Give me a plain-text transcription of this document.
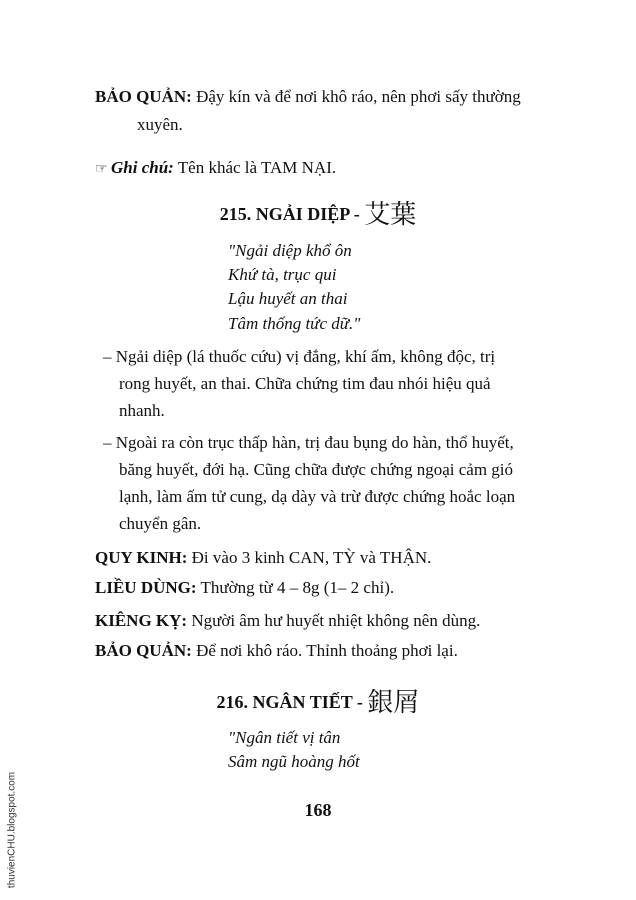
BẢO QUẢN: Đậy kín và để nơi khô ráo, nên phơi sấy thường
xuyên.
☞ Ghi chú: Tên khác là TAM NẠI.
215. NGẢI DIỆP - 艾葉
"Ngải diệp khổ ôn
Khứ tà, trục qui
Lậu huyết an thai
Tâm thống tức dữ."
– Ngải diệp (lá thuốc cứu) vị đắng, khí ấm, không độc, trị
rong huyết, an thai. Chữa chứng tim đau nhói hiệu quả
nhanh.
– Ngoài ra còn trục thấp hàn, trị đau bụng do hàn, thổ huyết,
băng huyết, đới hạ. Cũng chữa được chứng ngoại cảm gió
lạnh, làm ấm tử cung, dạ dày và trừ được chứng hoắc loạn
chuyển gân.
QUY KINH: Đi vào 3 kinh CAN, TỲ và THẬN.
LIỀU DÙNG: Thường từ 4 – 8g (1– 2 chỉ).
KIÊNG KỴ: Người âm hư huyết nhiệt không nên dùng.
BẢO QUẢN: Để nơi khô ráo. Thỉnh thoảng phơi lại.
216. NGÂN TIẾT - 銀屑
"Ngân tiết vị tân
Sâm ngũ hoàng hốt
168
thuvienCHU.blogspot.com
